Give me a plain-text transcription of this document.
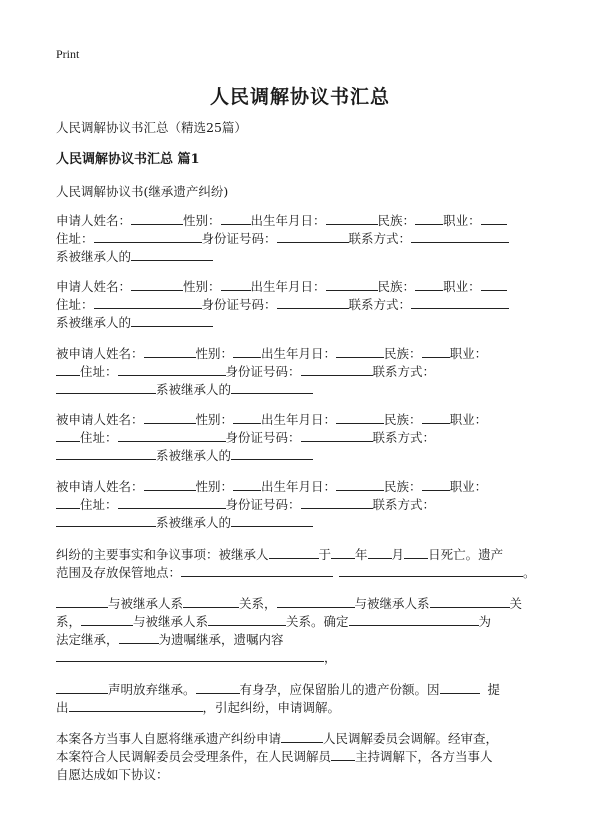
Print
人民调解协议书汇总
人民调解协议书汇总（精选25篇）
人民调解协议书汇总 篇1
人民调解协议书(继承遗产纠纷)
申请人姓名：	性别： 出生年月日：	民族： 职业：
住址：	身份证号码：	联系方式：
系被继承人的
申请人姓名：	性别： 出生年月日：	民族： 职业：
住址：	身份证号码：	联系方式：
系被继承人的
被申请人姓名：	性别： 出生年月日：	民族： 职业：
住址：	身份证号码：	联系方式：
系被继承人的
被申请人姓名：	性别： 出生年月日：	民族： 职业：
住址：	身份证号码：	联系方式：
系被继承人的
被申请人姓名：	性别： 出生年月日：	民族： 职业：
住址：	身份证号码：	联系方式：
系被继承人的
纠纷的主要事实和争议事项：被继承人	于 年 月 日死亡。遗产
范围及存放保管地点：	。
与被继承人系	关系，	与被继承人系	关
系，	与被继承人系	关系。确定	为
法定继承，	为遗嘱继承，遗嘱内容
，
声明放弃继承。	有身孕，应保留胎儿的遗产份额。因	提
出	，引起纠纷，申请调解。
本案各方当事人自愿将继承遗产纠纷申请	人民调解委员会调解。经审查，
本案符合人民调解委员会受理条件，在人民调解员 主持调解下，各方当事人
自愿达成如下协议：
